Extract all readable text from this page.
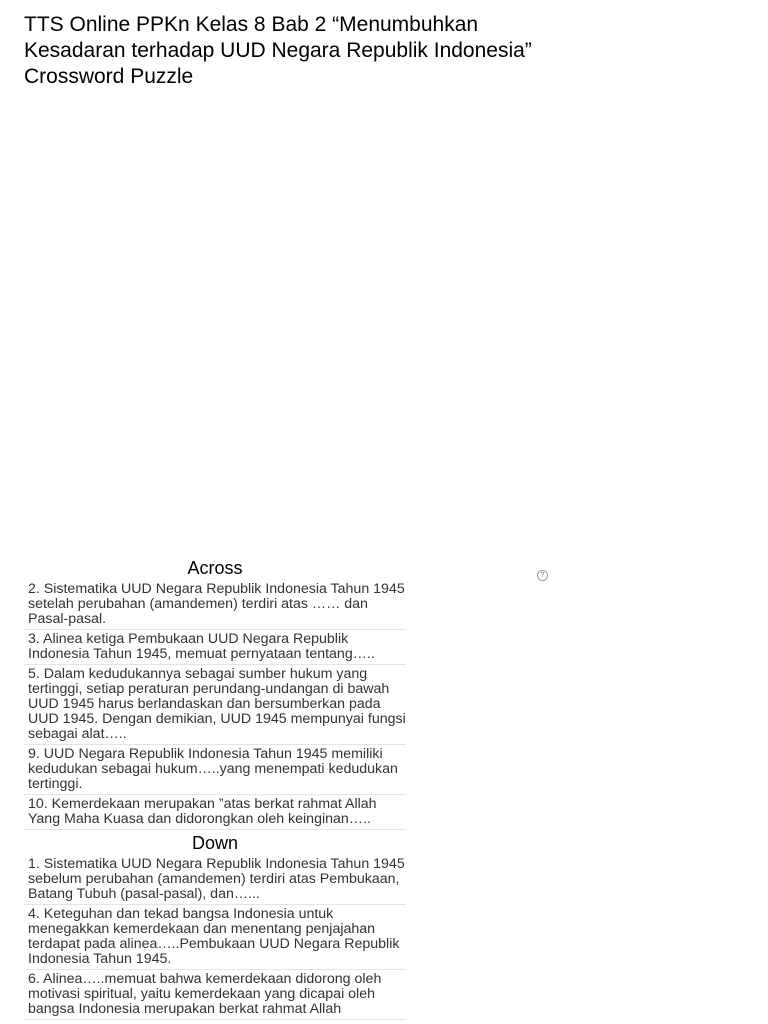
TTS Online PPKn Kelas 8 Bab 2 “Menumbuhkan Kesadaran terhadap UUD Negara Republik Indonesia” Crossword Puzzle
?
Across
2. Sistematika UUD Negara Republik Indonesia Tahun 1945 setelah perubahan (amandemen) terdiri atas …… dan Pasal-pasal.
3. Alinea ketiga Pembukaan UUD Negara Republik Indonesia Tahun 1945, memuat pernyataan tentang…..
5. Dalam kedudukannya sebagai sumber hukum yang tertinggi, setiap peraturan perundang-undangan di bawah UUD 1945 harus berlandaskan dan bersumberkan pada UUD 1945. Dengan demikian, UUD 1945 mempunyai fungsi sebagai alat…..
9. UUD Negara Republik Indonesia Tahun 1945 memiliki kedudukan sebagai hukum…..yang menempati kedudukan tertinggi.
10. Kemerdekaan merupakan ”atas berkat rahmat Allah Yang Maha Kuasa dan didorongkan oleh keinginan…..
Down
1. Sistematika UUD Negara Republik Indonesia Tahun 1945 sebelum perubahan (amandemen) terdiri atas Pembukaan, Batang Tubuh (pasal-pasal), dan…...
4. Keteguhan dan tekad bangsa Indonesia untuk menegakkan kemerdekaan dan menentang penjajahan terdapat pada alinea…..Pembukaan UUD Negara Republik Indonesia Tahun 1945.
6. Alinea…..memuat bahwa kemerdekaan didorong oleh motivasi spiritual, yaitu kemerdekaan yang dicapai oleh bangsa Indonesia merupakan berkat rahmat Allah
